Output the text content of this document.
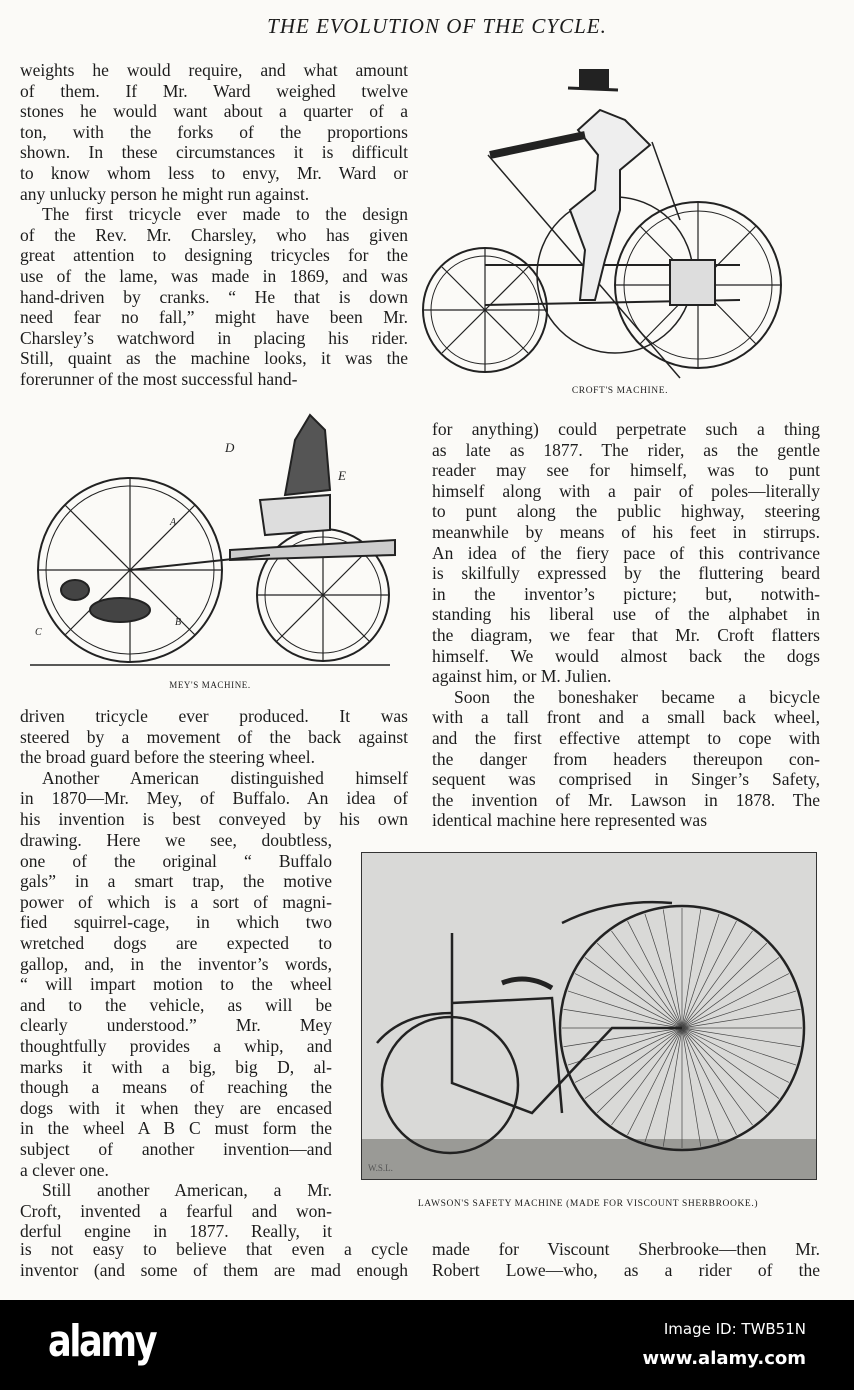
THE EVOLUTION OF THE CYCLE.
weights he would require, and what amount
of them. If Mr. Ward weighed twelve
stones he would want about a quarter of a
ton, with the forks of the proportions
shown. In these circumstances it is difficult
to know whom less to envy, Mr. Ward or
any unlucky person he might run against.
The first tricycle ever made to the design
of the Rev. Mr. Charsley, who has given
great attention to designing tricycles for the
use of the lame, was made in 1869, and was
hand-driven by cranks. “ He that is down
need fear no fall,” might have been Mr.
Charsley’s watchword in placing his rider.
Still, quaint as the machine looks, it was the
forerunner of the most successful hand-
for anything) could perpetrate such a thing
as late as 1877. The rider, as the gentle
reader may see for himself, was to punt
himself along with a pair of poles—literally
to punt along the public highway, steering
meanwhile by means of his feet in stirrups.
An idea of the fiery pace of this contrivance
is skilfully expressed by the fluttering beard
in the inventor’s picture; but, notwith-
standing his liberal use of the alphabet in
the diagram, we fear that Mr. Croft flatters
himself. We would almost back the dogs
against him, or M. Julien.
Soon the boneshaker became a bicycle
with a tall front and a small back wheel,
and the first effective attempt to cope with
the danger from headers thereupon con-
sequent was comprised in Singer’s Safety,
the invention of Mr. Lawson in 1878. The
identical machine here represented was
driven tricycle ever produced. It was
steered by a movement of the back against
the broad guard before the steering wheel.
Another American distinguished himself
in 1870—Mr. Mey, of Buffalo. An idea of
his invention is best conveyed by his own
drawing. Here we see, doubtless,
one of the original “ Buffalo
gals” in a smart trap, the motive
power of which is a sort of magni-
fied squirrel-cage, in which two
wretched dogs are expected to
gallop, and, in the inventor’s words,
“ will impart motion to the wheel
and to the vehicle, as will be
clearly understood.” Mr. Mey
thoughtfully provides a whip, and
marks it with a big, big D, al-
though a means of reaching the
dogs with it when they are encased
in the wheel A B C must form the
subject of another invention—and
a clever one.
Still another American, a Mr.
Croft, invented a fearful and won-
derful engine in 1877. Really, it
is not easy to believe that even a cycle
inventor (and some of them are mad enough
made for Viscount Sherbrooke—then Mr.
Robert Lowe—who, as a rider of the
CROFT'S MACHINE.
D
E
A
C
B
MEY'S MACHINE.
W.S.L.
LAWSON'S SAFETY MACHINE (MADE FOR VISCOUNT SHERBROOKE.)
alamy	Image ID: TWB51N
www.alamy.com
